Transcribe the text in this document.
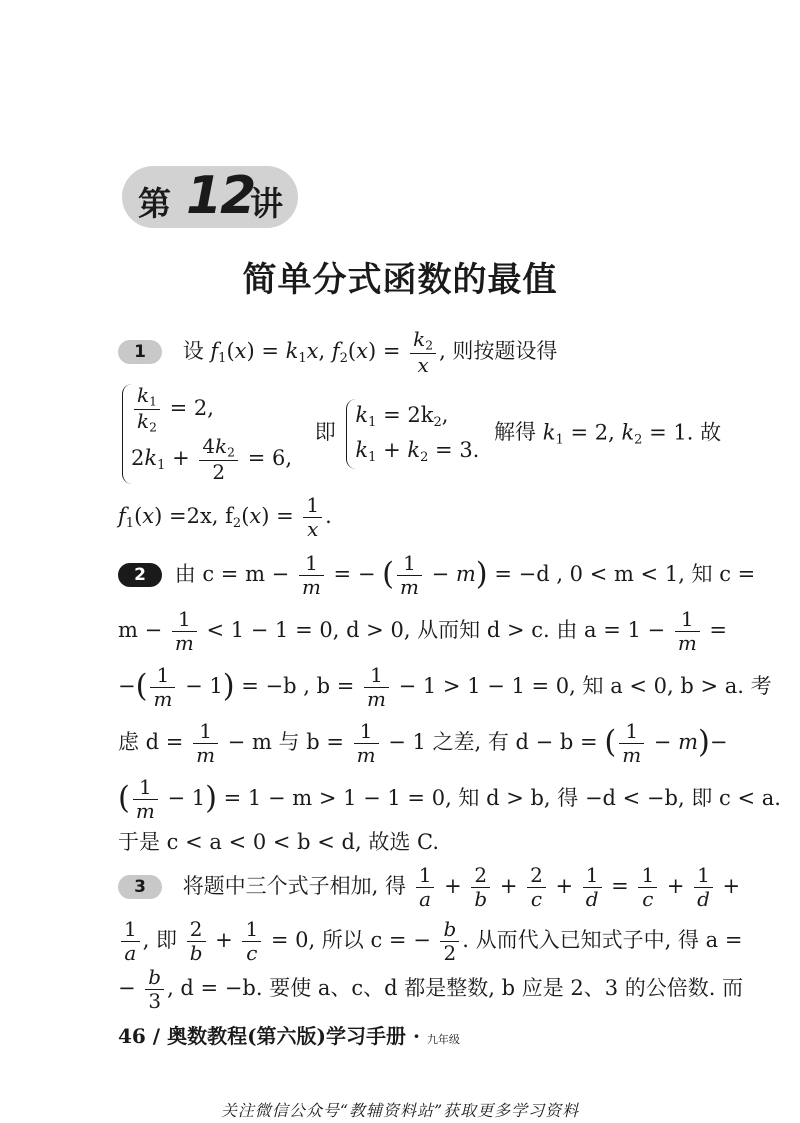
第 12
讲
简单分式函数的最值
1 设 $f_1(x) = k_1x$, $f_2(x) = \frac{k_2}{x}$ , 则按题设得
$\frac{k_1}{k_2} = 2$,
$2k_1 + \frac{4k_2}{2} = 6$,
即
$k_1 = 2k_2$,
$k_1 + k_2 = 3$.
解得 $k_1 = 2$, $k_2 = 1$. 故
$f_1(x) =2x$, $f_2(x) = \frac{1}{x}$ .
2 由 $c = m - \frac{1}{m}$ = − ( $\frac{1}{m} - m) = -d$ , 0 < m < 1, 知 c =
$m - \frac{1}{m} < 1 - 1 = 0$, d > 0, 从而知 d > c. 由 $a = 1 - \frac{1}{m}$ =
−( $\frac{1}{m} - 1) = -b$ , $b = \frac{1}{m} - 1 > 1 - 1 = 0$, 知 a < 0, b > a. 考
虑 $d = \frac{1}{m} - m$ 与 $b = \frac{1}{m} - 1$ 之差, 有 d − b = ( $\frac{1}{m} - m)-$
( $\frac{1}{m} - 1) = 1 - m > 1 - 1 = 0$, 知 d > b, 得 −d < −b, 即 c < a.
于是 c < a < 0 < b < d, 故选 C.
3 将题中三个式子相加, 得 $\frac{1}{a} + \frac{2}{b} + \frac{2}{c} + \frac{1}{d} = \frac{1}{c} + \frac{1}{d}$ +
$\frac{1}{a}$ , 即 $\frac{2}{b} + \frac{1}{c} = 0$, 所以 c = − $\frac{b}{2}$ . 从而代入已知式子中, 得 a =
− $\frac{b}{3}$ , d = −b. 要使 a、c、d 都是整数, b 应是 2、3 的公倍数. 而
46 / 奥数教程(第六版)学习手册 · 九年级
关注微信公众号“教辅资料站”获取更多学习资料
